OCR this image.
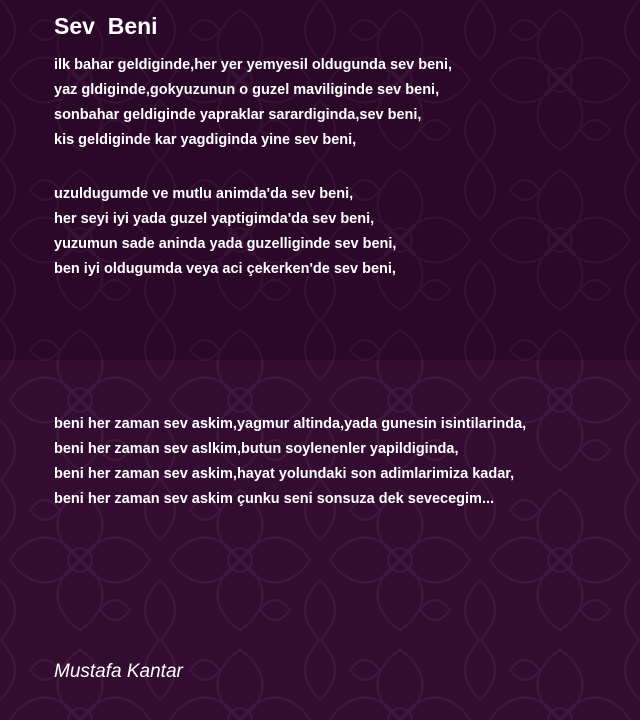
Sev  Beni
ilk bahar geldiginde,her yer yemyesil oldugunda sev beni,
yaz gldiginde,gokyuzunun o guzel maviliginde sev beni,
sonbahar geldiginde yapraklar sarardiginda,sev beni,
kis geldiginde kar yagdiginda yine sev beni,
uzuldugumde ve mutlu animda'da sev beni,
her seyi iyi yada guzel yaptigimda'da sev beni,
yuzumun sade aninda yada guzelliginde sev beni,
ben iyi oldugumda veya aci çekerken'de sev beni,
beni her zaman sev askim,yagmur altinda,yada gunesin isintilarinda,
beni her zaman sev aslkim,butun soylenenler yapildiginda,
beni her zaman sev askim,hayat yolundaki son adimlarimiza kadar,
beni her zaman sev askim çunku seni sonsuza dek sevecegim...
Mustafa Kantar
